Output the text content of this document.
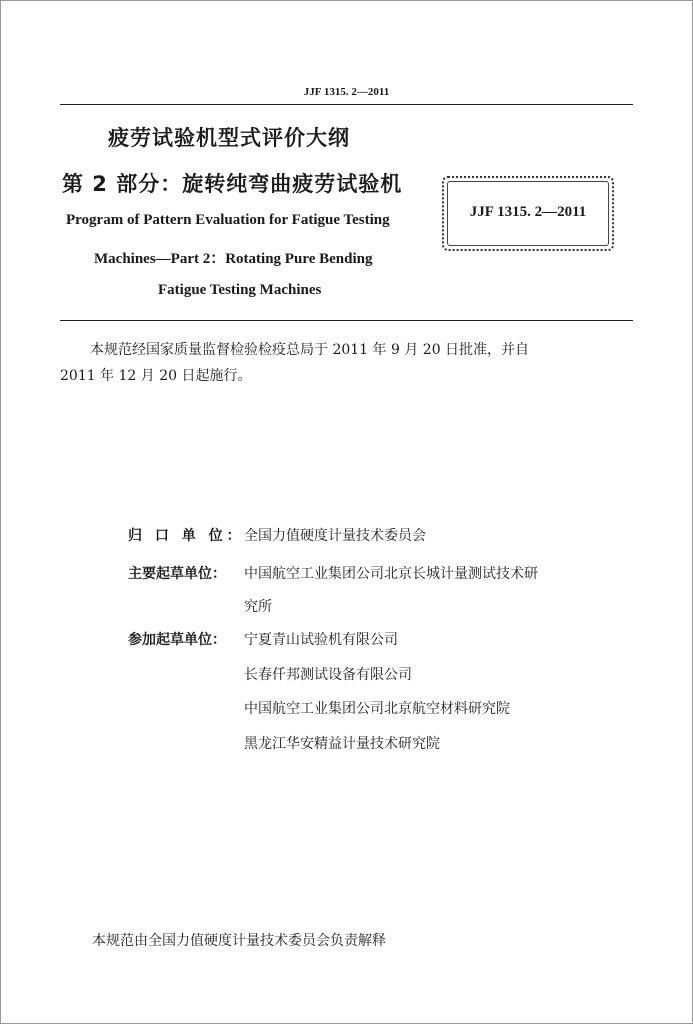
JJF 1315. 2—2011
疲劳试验机型式评价大纲
第 2 部分：旋转纯弯曲疲劳试验机
Program of Pattern Evaluation for Fatigue Testing
Machines—Part 2：Rotating Pure Bending
Fatigue Testing Machines
JJF 1315. 2—2011
本规范经国家质量监督检验检疫总局于 2011 年 9 月 20 日批准，并自
2011 年 12 月 20 日起施行。
归 口 单 位： 全国力值硬度计量技术委员会
主要起草单位： 中国航空工业集团公司北京长城计量测试技术研
究所
参加起草单位： 宁夏青山试验机有限公司
长春仟邦测试设备有限公司
中国航空工业集团公司北京航空材料研究院
黑龙江华安精益计量技术研究院
本规范由全国力值硬度计量技术委员会负责解释
